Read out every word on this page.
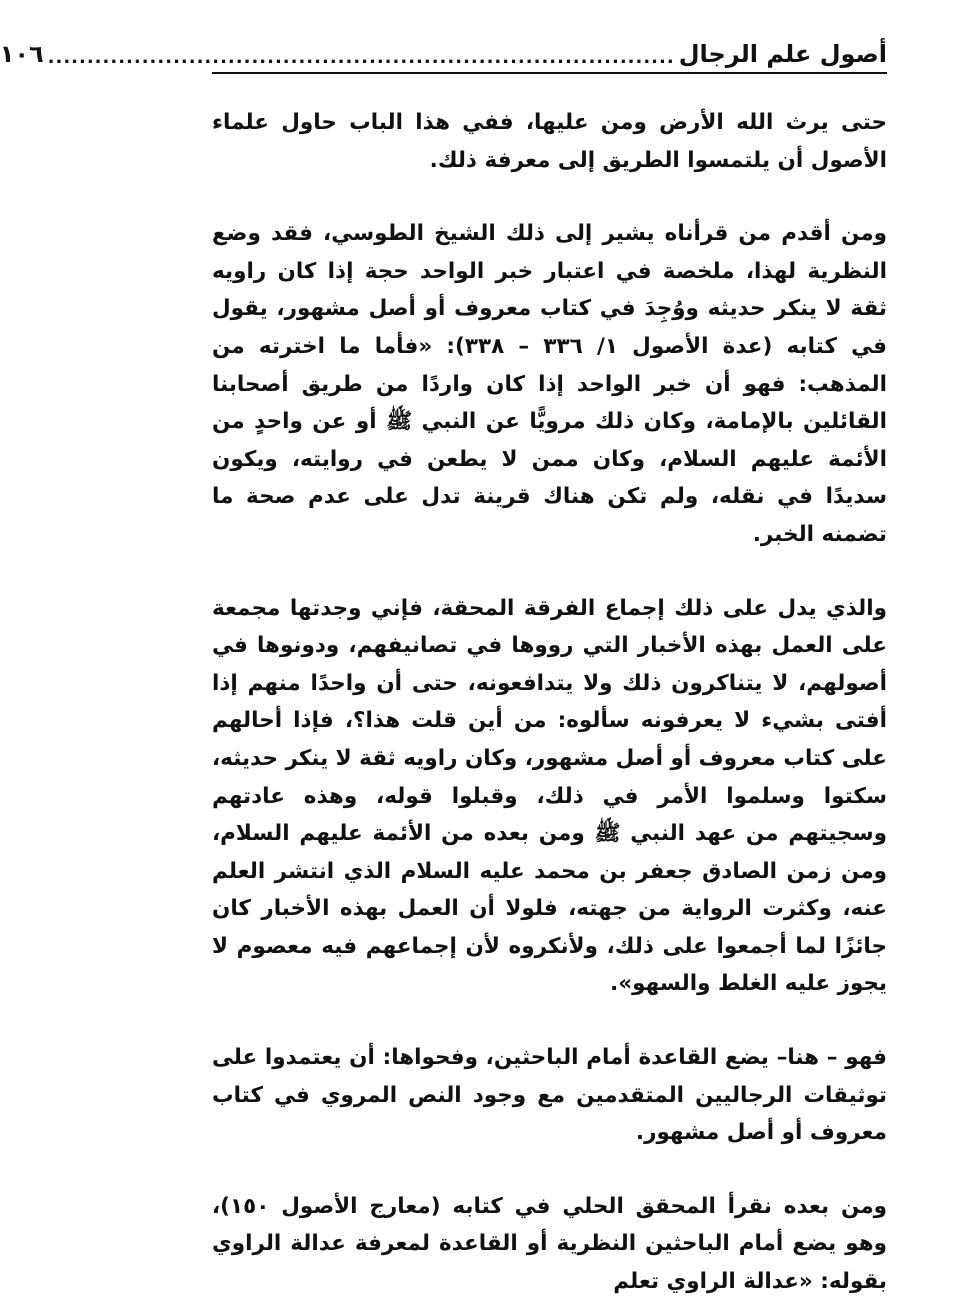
أصول علم الرجال
................................................................................
١٠٦

حتى يرث الله الأرض ومن عليها، ففي هذا الباب حاول علماء الأصول أن يلتمسوا الطريق إلى معرفة ذلك.

ومن أقدم من قرأناه يشير إلى ذلك الشيخ الطوسي، فقد وضع النظرية لهذا، ملخصة في اعتبار خبر الواحد حجة إذا كان راويه ثقة لا ينكر حديثه ووُجِدَ في كتاب معروف أو أصل مشهور، يقول في كتابه (عدة الأصول ١/ ٣٣٦ – ٣٣٨): «فأما ما اخترته من المذهب: فهو أن خبر الواحد إذا كان واردًا من طريق أصحابنا القائلين بالإمامة، وكان ذلك مرويًّا عن النبي ﷺ أو عن واحدٍ من الأئمة عليهم السلام، وكان ممن لا يطعن في روايته، ويكون سديدًا في نقله، ولم تكن هناك قرينة تدل على عدم صحة ما تضمنه الخبر.

والذي يدل على ذلك إجماع الفرقة المحقة، فإني وجدتها مجمعة على العمل بهذه الأخبار التي رووها في تصانيفهم، ودونوها في أصولهم، لا يتناكرون ذلك ولا يتدافعونه، حتى أن واحدًا منهم إذا أفتى بشيء لا يعرفونه سألوه: من أين قلت هذا؟، فإذا أحالهم على كتاب معروف أو أصل مشهور، وكان راويه ثقة لا ينكر حديثه، سكتوا وسلموا الأمر في ذلك، وقبلوا قوله، وهذه عادتهم وسجيتهم من عهد النبي ﷺ ومن بعده من الأئمة عليهم السلام، ومن زمن الصادق جعفر بن محمد عليه السلام الذي انتشر العلم عنه، وكثرت الرواية من جهته، فلولا أن العمل بهذه الأخبار كان جائزًا لما أجمعوا على ذلك، ولأنكروه لأن إجماعهم فيه معصوم لا يجوز عليه الغلط والسهو».

فهو – هنا– يضع القاعدة أمام الباحثين، وفحواها: أن يعتمدوا على توثيقات الرجاليين المتقدمين مع وجود النص المروي في كتاب معروف أو أصل مشهور.

ومن بعده نقرأ المحقق الحلي في كتابه (معارج الأصول ١٥٠)، وهو يضع أمام الباحثين النظرية أو القاعدة لمعرفة عدالة الراوي بقوله: «عدالة الراوي تعلم
